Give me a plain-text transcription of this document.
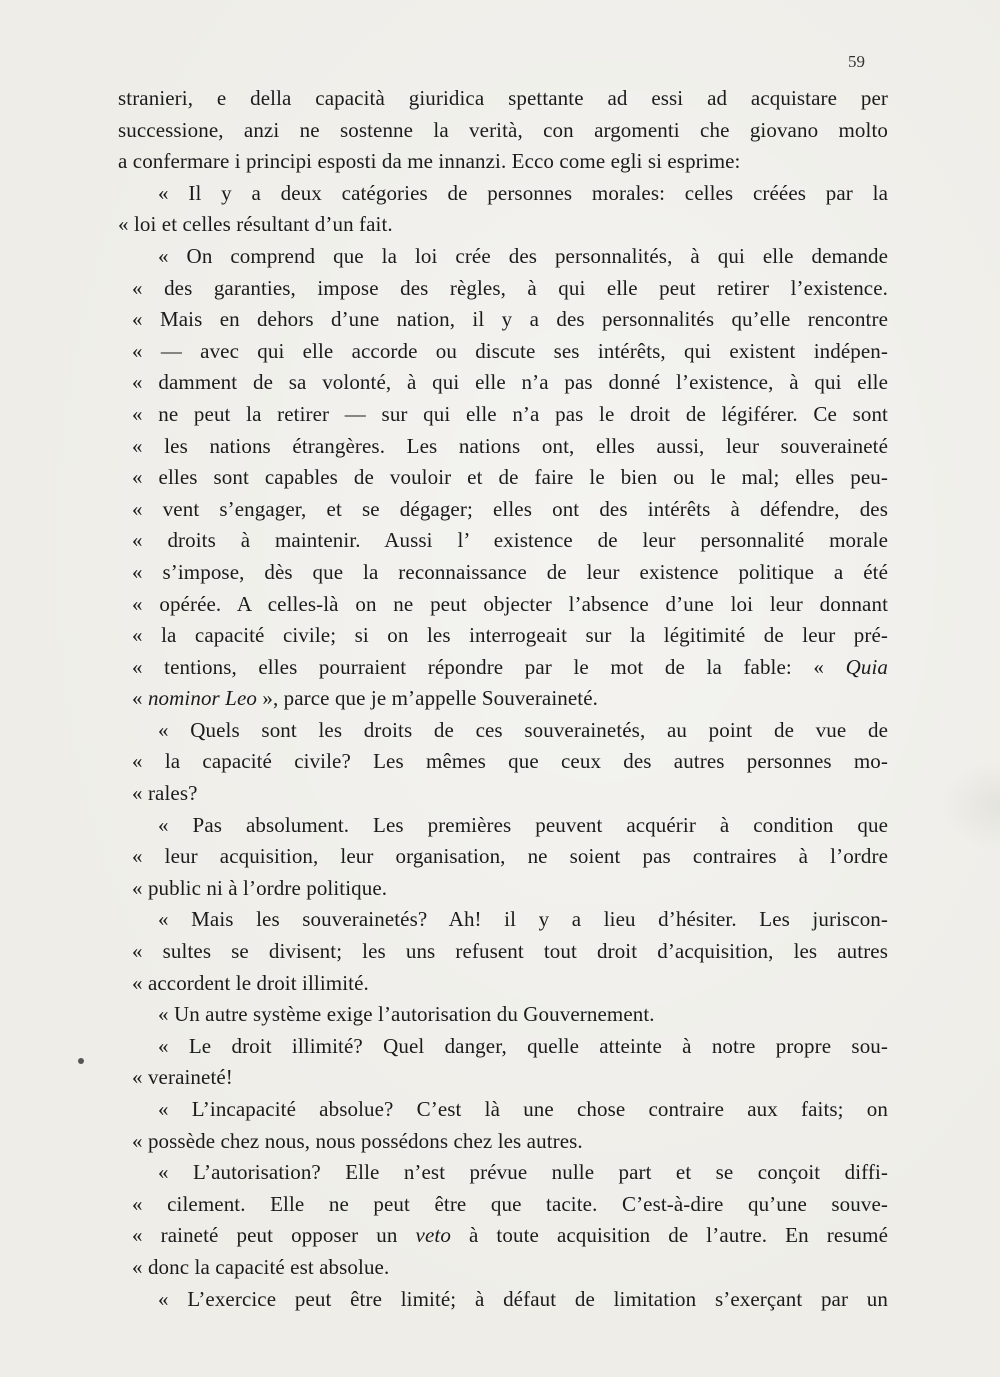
59
stranieri, e della capacità giuridica spettante ad essi ad acquistare per
successione, anzi ne sostenne la verità, con argomenti che giovano molto
a confermare i principi esposti da me innanzi. Ecco come egli si esprime:
« Il y a deux catégories de personnes morales: celles créées par la
« loi et celles résultant d’un fait.
« On comprend que la loi crée des personnalités, à qui elle demande
« des garanties, impose des règles, à qui elle peut retirer l’existence.
« Mais en dehors d’une nation, il y a des personnalités qu’elle rencontre
« — avec qui elle accorde ou discute ses intérêts, qui existent indépen-
« damment de sa volonté, à qui elle n’a pas donné l’existence, à qui elle
« ne peut la retirer — sur qui elle n’a pas le droit de légiférer. Ce sont
« les nations étrangères. Les nations ont, elles aussi, leur souveraineté
« elles sont capables de vouloir et de faire le bien ou le mal; elles peu-
« vent s’engager, et se dégager; elles ont des intérêts à défendre, des
« droits à maintenir. Aussi l’ existence de leur personnalité morale
« s’impose, dès que la reconnaissance de leur existence politique a été
« opérée. A celles-là on ne peut objecter l’absence d’une loi leur donnant
« la capacité civile; si on les interrogeait sur la légitimité de leur pré-
« tentions, elles pourraient répondre par le mot de la fable: « Quia
« nominor Leo », parce que je m’appelle Souveraineté.
« Quels sont les droits de ces souverainetés, au point de vue de
« la capacité civile? Les mêmes que ceux des autres personnes mo-
« rales?
« Pas absolument. Les premières peuvent acquérir à condition que
« leur acquisition, leur organisation, ne soient pas contraires à l’ordre
« public ni à l’ordre politique.
« Mais les souverainetés? Ah! il y a lieu d’hésiter. Les juriscon-
« sultes se divisent; les uns refusent tout droit d’acquisition, les autres
« accordent le droit illimité.
« Un autre système exige l’autorisation du Gouvernement.
« Le droit illimité? Quel danger, quelle atteinte à notre propre sou-
« veraineté!
« L’incapacité absolue? C’est là une chose contraire aux faits; on
« possède chez nous, nous possédons chez les autres.
« L’autorisation? Elle n’est prévue nulle part et se conçoit diffi-
« cilement. Elle ne peut être que tacite. C’est-à-dire qu’une souve-
« raineté peut opposer un veto à toute acquisition de l’autre. En resumé
« donc la capacité est absolue.
« L’exercice peut être limité; à défaut de limitation s’exerçant par un
